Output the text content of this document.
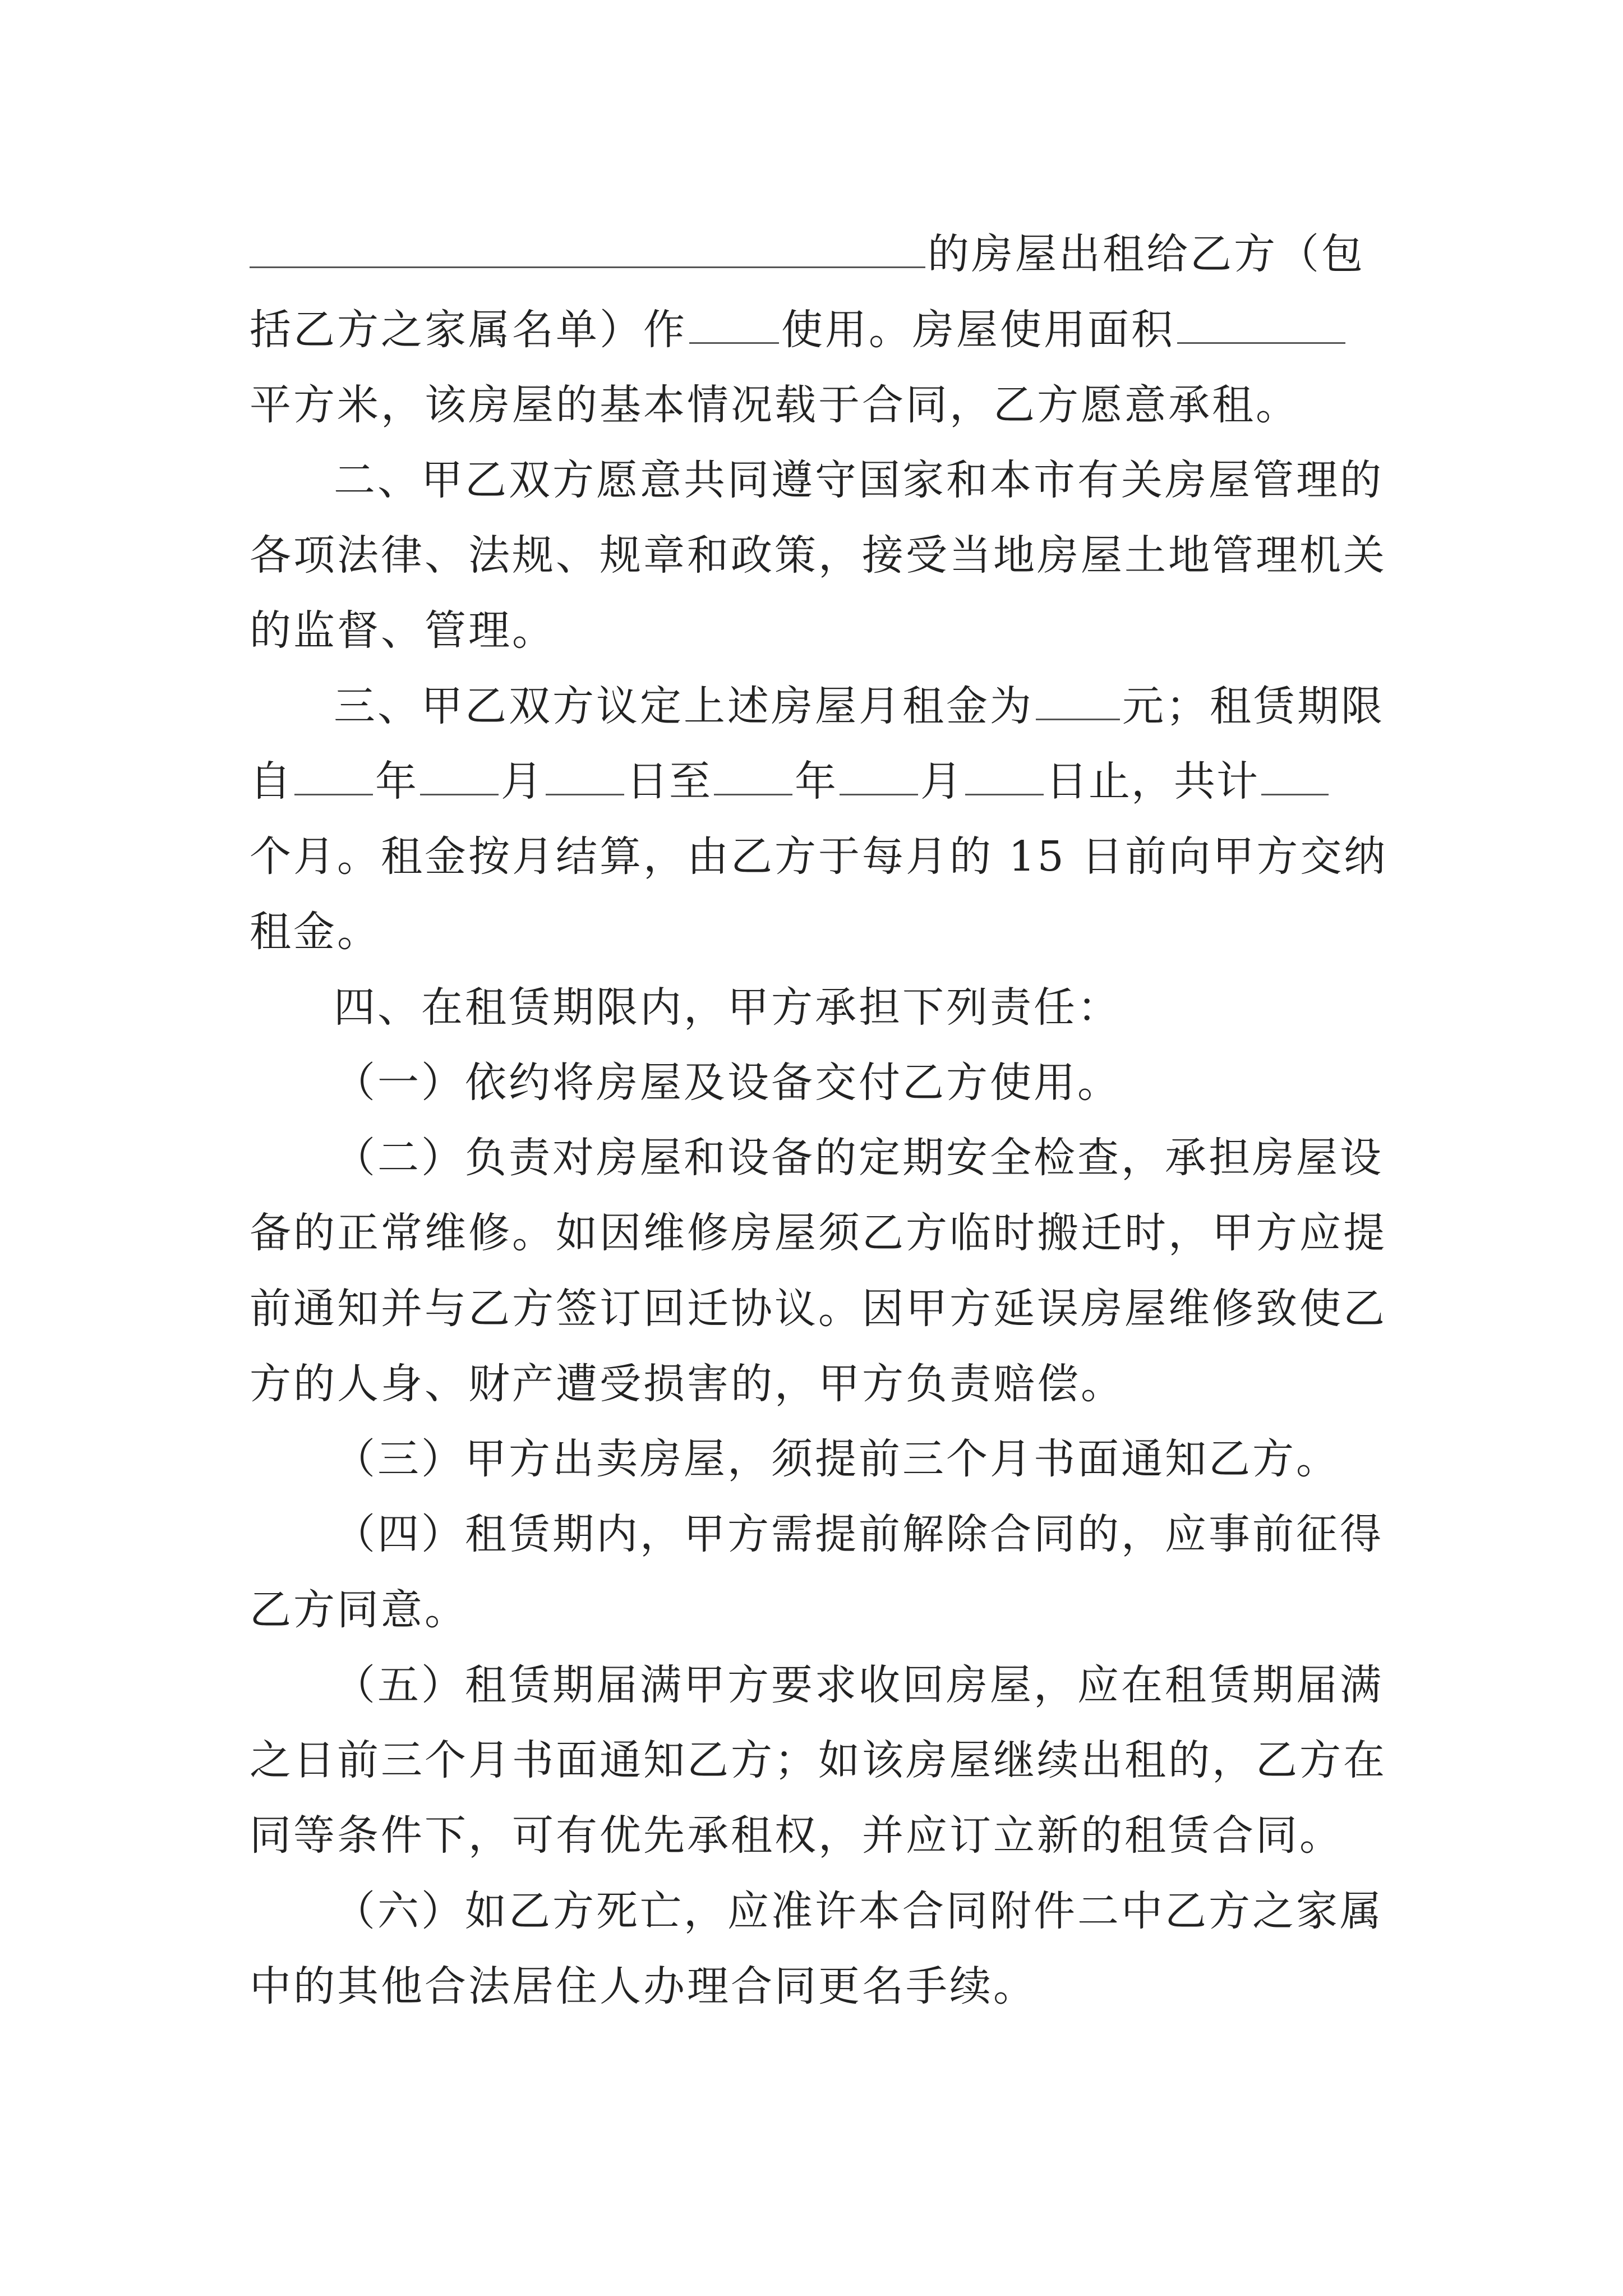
的房屋出租给乙方（包
括乙方之家属名单）作 使用。房屋使用面积
平方米，该房屋的基本情况载于合同，乙方愿意承租。
二、甲乙双方愿意共同遵守国家和本市有关房屋管理的
各项法律、法规、规章和政策，接受当地房屋土地管理机关
的监督、管理。
三、甲乙双方议定上述房屋月租金为 元；租赁期限
自 年 月 日至 年 月 日止，共计
个月。租金按月结算，由乙方于每月的 15 日前向甲方交纳
租金。
四、在租赁期限内，甲方承担下列责任：
（一）依约将房屋及设备交付乙方使用。
（二）负责对房屋和设备的定期安全检查，承担房屋设
备的正常维修。如因维修房屋须乙方临时搬迁时，甲方应提
前通知并与乙方签订回迁协议。因甲方延误房屋维修致使乙
方的人身、财产遭受损害的，甲方负责赔偿。
（三）甲方出卖房屋，须提前三个月书面通知乙方。
（四）租赁期内，甲方需提前解除合同的，应事前征得
乙方同意。
（五）租赁期届满甲方要求收回房屋，应在租赁期届满
之日前三个月书面通知乙方；如该房屋继续出租的，乙方在
同等条件下，可有优先承租权，并应订立新的租赁合同。
（六）如乙方死亡，应准许本合同附件二中乙方之家属
中的其他合法居住人办理合同更名手续。
